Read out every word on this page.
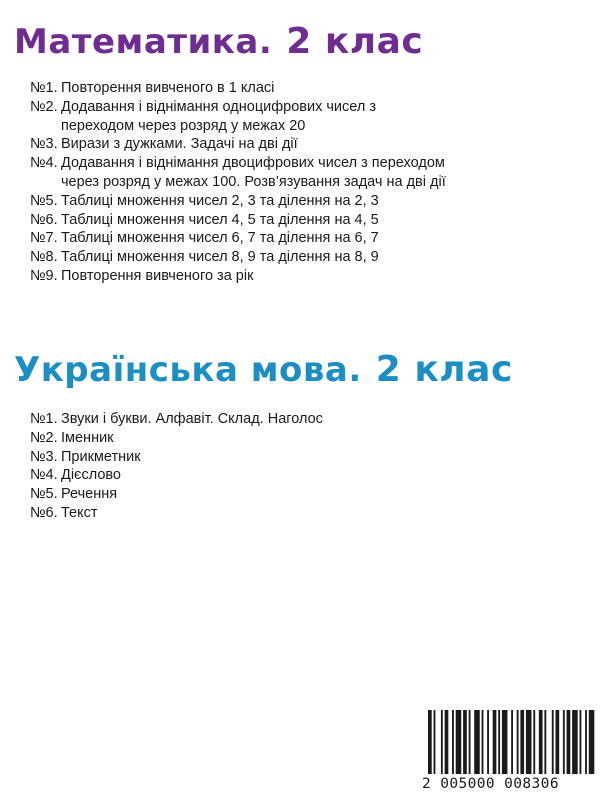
Математика. 2 клас
№1. Повторення вивченого в 1 класі
№2. Додавання і віднімання одноцифрових чисел з переходом через розряд у межах 20
№3. Вирази з дужками. Задачі на дві дії
№4. Додавання і віднімання двоцифрових чисел з переходом через розряд у межах 100. Розв’язування задач на дві дії
№5. Таблиці множення чисел 2, 3 та ділення на 2, 3
№6. Таблиці множення чисел 4, 5 та ділення на 4, 5
№7. Таблиці множення чисел 6, 7 та ділення на 6, 7
№8. Таблиці множення чисел 8, 9 та ділення на 8, 9
№9. Повторення вивченого за рік
Українська мова. 2 клас
№1. Звуки і букви. Алфавіт. Склад. Наголос
№2. Іменник
№3. Прикметник
№4. Дієслово
№5. Речення
№6. Текст
2 005000 008306
